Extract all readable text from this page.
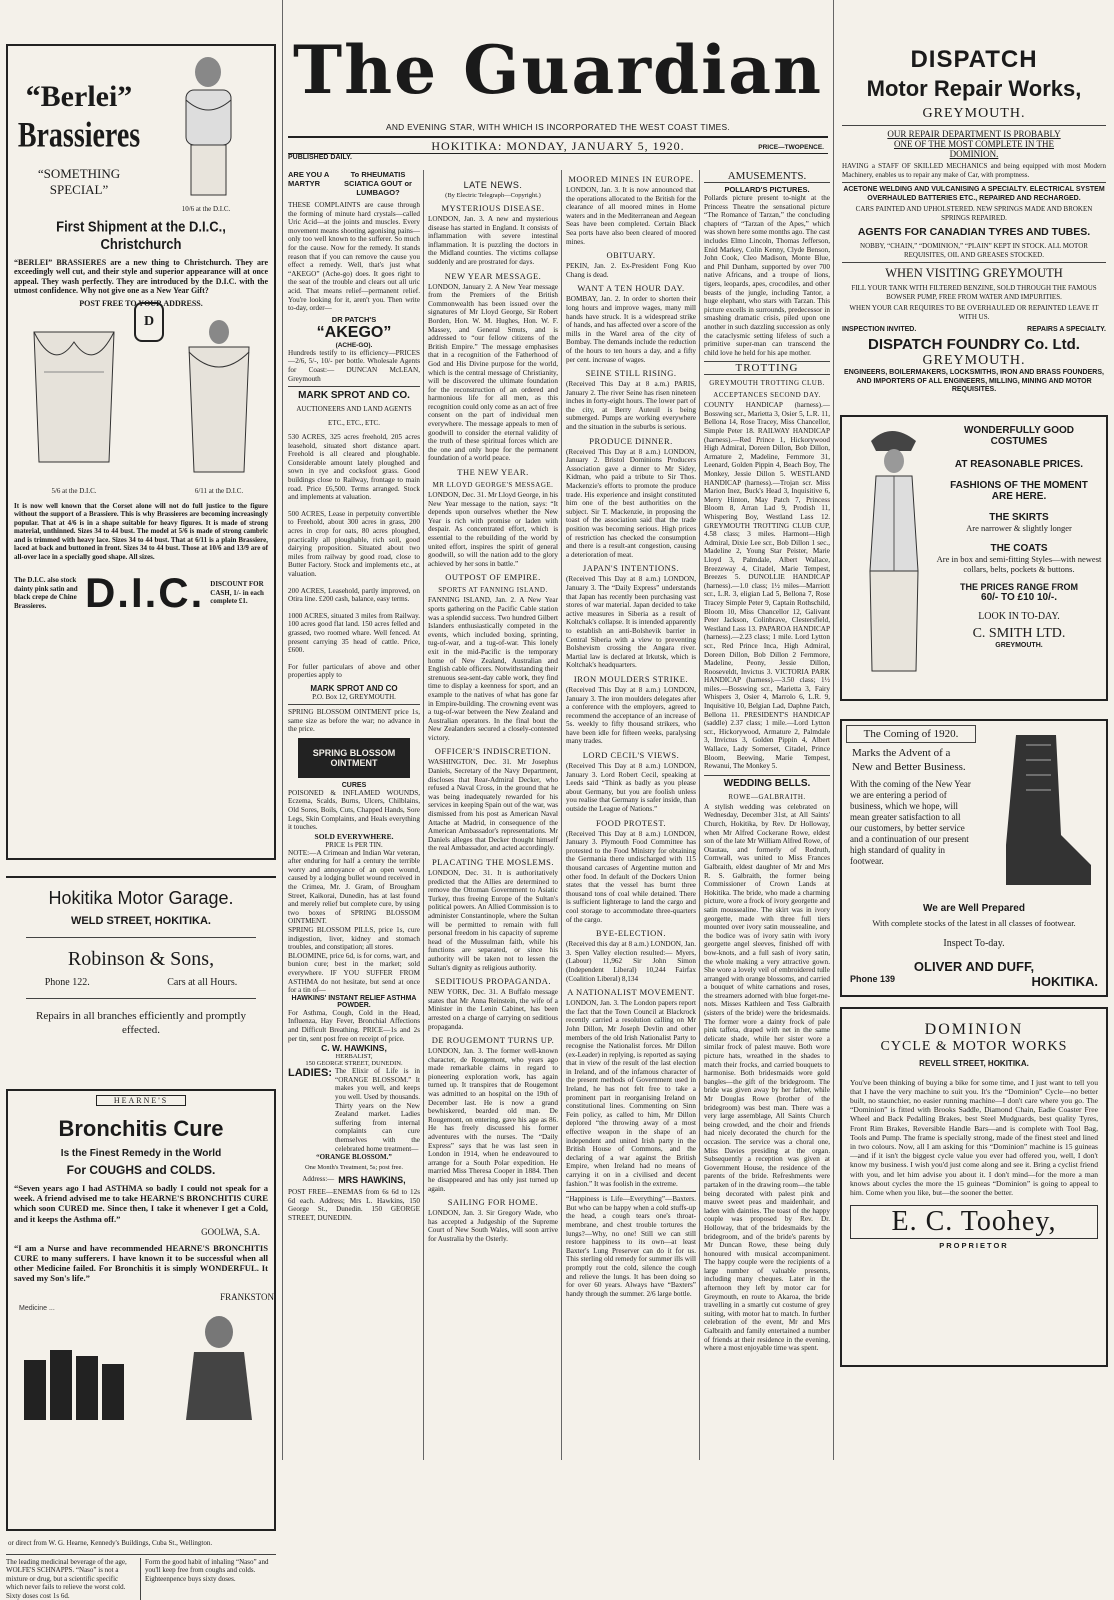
“Berlei”
Brassieres
“SOMETHING SPECIAL”
10/6 at the D.I.C.
First Shipment at the D.I.C., Christchurch
“BERLEI” BRASSIERES are a new thing to Christchurch. They are exceedingly well cut, and their style and superior appearance will at once appeal. They wash perfectly. They are introduced by the D.I.C. with the utmost confidence. Why not give one as a New Year Gift?
POST FREE TO YOUR ADDRESS.
5/6 at the D.I.C.
D
6/11 at the D.I.C.
It is now well known that the Corset alone will not do full justice to the figure without the support of a Brassiere. This is why Brassieres are becoming increasingly popular. That at 4/6 is in a shape suitable for heavy figures. It is made of strong material, unthinned. Sizes 34 to 44 bust. The model at 5/6 is made of strong cambric and is trimmed with heavy lace. Sizes 34 to 44 bust. That at 6/11 is a plain Brassiere, laced at back and buttoned in front. Sizes 34 to 44 bust. Those at 10/6 and 13/9 are of all-over lace in a specially good shape. All sizes.
The D.I.C. also stock dainty pink satin and black crepe de Chine Brassieres. D.I.C. DISCOUNT FOR CASH, 1/- in each complete £1.
Hokitika Motor Garage.
WELD STREET, HOKITIKA.
Robinson & Sons,
Phone 122.	Cars at all Hours.
Repairs in all branches efficiently and promptly effected.
HEARNE'S
Bronchitis Cure
Is the Finest Remedy in the World
For COUGHS and COLDS.
“Seven years ago I had ASTHMA so badly I could not speak for a week. A friend advised me to take HEARNE'S BRONCHITIS CURE which soon CURED me. Since then, I take it whenever I get a Cold, and it keeps the Asthma off.”
GOOLWA, S.A.
“I am a Nurse and have recommended HEARNE'S BRONCHITIS CURE to many sufferers. I have known it to be successful when all other Medicine failed. For Bronchitis it is simply WONDERFUL. It saved my Son's life.”
Medicine ...
FRANKSTON
or direct from W. G. Hearne, Kennedy's Buildings, Cuba St., Wellington.
The leading medicinal beverage of the age, WOLFE'S SCHNAPPS. “Naso” is not a mixture or drug, but a scientific specific which never fails to relieve the worst cold. Sixty doses cost 1s 6d.
Form the good habit of inhaling “Naso” and you'll keep free from coughs and colds. Eighteenpence buys sixty doses.
The Guardian
AND EVENING STAR, WITH WHICH IS INCORPORATED THE WEST COAST TIMES.
HOKITIKA: MONDAY, JANUARY 5, 1920.	PRICE—TWOPENCE.
PUBLISHED DAILY.
ARE YOU A MARTYR
To RHEUMATIS SCIATICA GOUT or LUMBAGO?
THESE COMPLAINTS are cause through the forming of minute hard crystals—called Uric Acid—at the joints and muscles. Every movement means shooting agonising pains—only too well known to the sufferer. So much for the cause. Now for the remedy. It stands reason that if you can remove the cause you effect a remedy. Well, that's just what “AKEGO” (Ache-go) does. It goes right to the seat of the trouble and clears out all uric acid. That means relief—permanent relief. You're looking for it, aren't you. Then write to-day, order—
DR PATCH'S
“AKEGO”
(ACHE-GO).
Hundreds testify to its efficiency—PRICES—2/6, 5/-, 10/- per bottle. Wholesale Agents for Coast:— DUNCAN McLEAN, Greymouth
MARK SPROT AND CO.
AUCTIONEERS AND LAND AGENTS
ETC., ETC., ETC.
530 ACRES, 325 acres freehold, 205 acres leasehold, situated short distance apart. Freehold is all cleared and ploughable. Considerable amount lately ploughed and sown in rye and cocksfoot grass. Good buildings close to Railway, frontage to main road. Price £6,500. Terms arranged. Stock and implements at valuation.
500 ACRES, Lease in perpetuity convertible to Freehold, about 300 acres in grass, 200 acres in crop for oats, 80 acres ploughed, practically all ploughable, rich soil, good dairying proposition. Situated about two miles from railway by good road, close to Butter Factory. Stock and implements etc., at valuation.
200 ACRES, Leasehold, partly improved, on Otira line. £200 cash, balance, easy terms.
1000 ACRES, situated 3 miles from Railway. 100 acres good flat land. 150 acres felled and grassed, two roomed whare. Well fenced. At present carrying 35 head of cattle. Price, £600.
For fuller particulars of above and other properties apply to
MARK SPROT AND CO
P.O. Box 12, GREYMOUTH.
SPRING BLOSSOM OINTMENT price 1s, same size as before the war; no advance in the price.
SPRING BLOSSOM OINTMENT
CURES
POISONED & INFLAMED WOUNDS, Eczema, Scalds, Burns, Ulcers, Chilblains, Old Sores, Boils, Cuts, Chapped Hands, Sore Legs, Skin Complaints, and Heals everything it touches.
SOLD EVERYWHERE.
PRICE 1s PER TIN.
NOTE:—A Crimean and Indian War veteran, after enduring for half a century the terrible worry and annoyance of an open wound, caused by a lodging bullet wound received in the Crimea, Mr. J. Gram, of Brougham Street, Kaikorai, Dunedin, has at last found and merely relief but complete cure, by using two boxes of SPRING BLOSSOM OINTMENT.
SPRING BLOSSOM PILLS, price 1s, cure indigestion, liver, kidney and stomach troubles, and constipation; all stores.
BLOOMINE, price 6d, is for corns, wart, and bunion cure; best in the market; sold everywhere. IF YOU SUFFER FROM ASTHMA do not hesitate, but send at once for a tin of—
HAWKINS' INSTANT RELIEF ASTHMA POWDER.
For Asthma, Cough, Cold in the Head, Influenza, Hay Fever, Bronchial Affections and Difficult Breathing. PRICE—1s and 2s per tin, sent post free on receipt of price.
C. W. HAWKINS,
HERBALIST,
150 GEORGE STREET, DUNEDIN.
LADIES: The Elixir of Life is in “ORANGE BLOSSOM.” It makes you well, and keeps you well. Used by thousands. Thirty years on the New Zealand market. Ladies suffering from internal complaints can cure themselves with the celebrated home treatment—
“ORANGE BLOSSOM.”
One Month's Treatment, 5s; post free.
Address:— MRS HAWKINS,
POST FREE—ENEMAS from 6s 6d to 12s 6d each. Address; Mrs L. Hawkins, 150 George St., Dunedin. 150 GEORGE STREET, DUNEDIN.
LATE NEWS.
(By Electric Telegraph—Copyright.)
MYSTERIOUS DISEASE.
LONDON, Jan. 3. A new and mysterious disease has started in England. It consists of inflammation with severe intestinal inflammation. It is puzzling the doctors in the Midland counties. The victims collapse suddenly and are prostrated for days.
NEW YEAR MESSAGE.
LONDON, January 2. A New Year message from the Premiers of the British Commonwealth has been issued over the signatures of Mr Lloyd George, Sir Robert Borden, Hon. W. M. Hughes, Hon. W. F. Massey, and General Smuts, and is addressed to “our fellow citizens of the British Empire.” The message emphasises that in a recognition of the Fatherhood of God and His Divine purpose for the world, which is the central message of Christianity, will be discovered the ultimate foundation for the reconstruction of an ordered and harmonious life for all men, as this recognition could only come as an act of free consent on the part of individual men everywhere. The message appeals to men of goodwill to consider the eternal validity of the truth of these spiritual forces which are the one and only hope for the permanent foundation of a world peace.
THE NEW YEAR.
MR LLOYD GEORGE'S MESSAGE.
LONDON, Dec. 31. Mr Lloyd George, in his New Year message to the nation, says: “It depends upon ourselves whether the New Year is rich with promise or laden with despair. As concentrated effort, which is essential to the rebuilding of the world by united effort, inspires the spirit of general goodwill, so will the nation add to the glory achieved by her sons in battle.”
OUTPOST OF EMPIRE.
SPORTS AT FANNING ISLAND.
FANNING ISLAND, Jan. 2. A New Year sports gathering on the Pacific Cable station was a splendid success. Two hundred Gilbert Islanders enthusiastically competed in the events, which included boxing, sprinting, tug-of-war, and a tug-of-war. This lonely exit in the mid-Pacific is the temporary home of New Zealand, Australian and English cable officers. Notwithstanding their strenuous sea-sent-day cable work, they find time to display a keenness for sport, and an example to the natives of what has gone far in Empire-building. The crowning event was a tug-of-war between the New Zealand and Australian operators. In the final bout the New Zealanders secured a closely-contested victory.
OFFICER'S INDISCRETION.
WASHINGTON, Dec. 31. Mr Josephus Daniels, Secretary of the Navy Department, discloses that Rear-Admiral Decker, who refused a Naval Cross, in the ground that he was being inadequately rewarded for his services in keeping Spain out of the war, was dismissed from his post as American Naval Attache at Madrid, in consequence of the American Ambassador's representations. Mr Daniels alleges that Decker thought himself the real Ambassador, and acted accordingly.
PLACATING THE MOSLEMS.
LONDON, Dec. 31. It is authoritatively predicted that the Allies are determined to remove the Ottoman Government to Asiatic Turkey, thus freeing Europe of the Sultan's political powers. An Allied Commission is to administer Constantinople, where the Sultan will be permitted to remain with full personal freedom in his capacity of supreme head of the Mussulman faith, while his functions are separated, or since his authority will be taken not to lessen the Sultan's dignity as religious authority.
SEDITIOUS PROPAGANDA.
NEW YORK, Dec. 31. A Buffalo message states that Mr Anna Reinstein, the wife of a Minister in the Lenin Cabinet, has been arrested on a charge of carrying on seditious propaganda.
DE ROUGEMONT TURNS UP.
LONDON, Jan. 3. The former well-known character, de Rougemont, who years ago made remarkable claims in regard to pioneering exploration work, has again turned up. It transpires that de Rougemont was admitted to an hospital on the 19th of December last. He is now a grand bewhiskered, bearded old man. De Rougemont, on entering, gave his age as 86. He has freely discussed his former adventures with the nurses. The “Daily Express” says that he was last seen in London in 1914, when he endeavoured to arrange for a South Polar expedition. He married Miss Theresa Cooper in 1884. Then he disappeared and has only just turned up again.
SAILING FOR HOME.
LONDON, Jan. 3. Sir Gregory Wade, who has accepted a Judgeship of the Supreme Court of New South Wales, will soon arrive for Australia by the Osterly.
MOORED MINES IN EUROPE.
LONDON, Jan. 3. It is now announced that the operations allocated to the British for the clearance of all moored mines in Home waters and in the Mediterranean and Aegean Seas have been completed. Certain Black Sea ports have also been cleared of moored mines.
OBITUARY.
PEKIN, Jan. 2. Ex-President Fong Kuo Chang is dead.
WANT A TEN HOUR DAY.
BOMBAY, Jan. 2. In order to shorten their long hours and improve wages, many mill hands have struck. It is a widespread strike of hands, and has affected over a score of the mills in the Warel area of the city of Bombay. The demands include the reduction of the hours to ten hours a day, and a fifty per cent. increase of wages.
SEINE STILL RISING.
(Received This Day at 8 a.m.) PARIS, January 2. The river Seine has risen nineteen inches in forty-eight hours. The lower part of the city, at Berry Auteuil is being submerged. Pumps are working everywhere and the situation in the suburbs is serious.
PRODUCE DINNER.
(Received This Day at 8 a.m.) LONDON, January 2. Bristol Dominions Producers Association gave a dinner to Mr Sidey, Kidman, who paid a tribute to Sir Thos. Mackenzie's efforts to promote the produce trade. His experience and insight constituted him one of the best authorities on the subject. Sir T. Mackenzie, in proposing the toast of the association said that the trade position was becoming serious. High prices of restriction has checked the consumption and there is a result-ant congestion, causing a deterioration of meat.
JAPAN'S INTENTIONS.
(Received This Day at 8 a.m.) LONDON, January 3. The “Daily Express” understands that Japan has recently been purchasing vast stores of war material. Japan decided to take active measures in Siberia as a result of Koltchak's collapse. It is intended apparently to establish an anti-Bolshevik barrier in Central Siberia with a view to preventing Bolshevism crossing the Angara river. Martial law is declared at Irkutsk, which is Koltchak's headquarters.
IRON MOULDERS STRIKE.
(Received This Day at 8 a.m.) LONDON, January 3. The iron moulders delegates after a conference with the employers, agreed to recommend the acceptance of an increase of 5s. weekly to fifty thousand strikers, who have been idle for fifteen weeks, paralysing many trades.
LORD CECIL'S VIEWS.
(Received This Day at 8 a.m.) LONDON, January 3. Lord Robert Cecil, speaking at Leeds said “Think as badly as you please about Germany, but you are foolish unless you realise that Germany is safer inside, than outside the League of Nations.”
FOOD PROTEST.
(Received This Day at 8 a.m.) LONDON, January 3. Plymouth Food Committee has protested to the Food Ministry for obtaining the Germania there undischarged with 115 thousand carcases of Argentine mutton and other food. In default of the Dockers Union states that the vessel has burnt three thousand tons of coal while detained. There is sufficient lighterage to land the cargo and cool storage to accommodate three-quarters of the cargo.
BYE-ELECTION.
(Received this day at 8 a.m.) LONDON, Jan. 3. Spen Valley election resulted:— Myers, (Labour) 11,962 Sir John Simon (Independent Liberal) 10,244 Fairfax (Coalition Liberal) 8,134
A NATIONALIST MOVEMENT.
LONDON, Jan. 3. The London papers report the fact that the Town Council at Blackrock recently carried a resolution calling on Mr John Dillon, Mr Joseph Devlin and other members of the old Irish Nationalist Party to recognise the Nationalist forces. Mr Dillon (ex-Leader) in replying, is reported as saying that in view of the result of the last election in Ireland, and of the infamous character of the present methods of Government used in Ireland, he has not felt free to take a prominent part in reorganising Ireland on constitutional lines. Commenting on Sinn Fein policy, as called to him, Mr Dillon deplored “the throwing away of a most effective weapon in the shape of an independent and united Irish party in the British House of Commons, and the declaring of a war against the British Empire, when Ireland had no means of carrying it on in a civilised and decent fashion.” It was foolish in the extreme.
“Happiness is Life—Everything”—Baxters. But who can be happy when a cold stuffs-up the head, a cough tears one's throat-membrane, and chest trouble tortures the lungs?—Why, no one! Still we can still restore happiness to its own—at least Baxter's Lung Preserver can do it for us. This sterling old remedy for summer ills will promptly rout the cold, silence the cough and relieve the lungs. It has been doing so for over 60 years. Always have “Baxters” handy through the summer. 2/6 large bottle.
AMUSEMENTS.
POLLARD'S PICTURES.
Pollards picture present to-night at the Princess Theatre the sensational picture “The Romance of Tarzan,” the concluding chapters of “Tarzan of the Apes,” which was shown here some months ago. The cast includes Elmo Lincoln, Thomas Jefferson, Enid Markey, Colin Kenny, Clyde Benson, John Cook, Cleo Madison, Monte Blue, and Phil Dunham, supported by over 700 native Africans, and a troupe of lions, tigers, leopards, apes, crocodiles, and other beasts of the jungle, including Tantor, a huge elephant, who stars with Tarzan. This picture excells in surrounds, predecessor in smashing dramatic crisis, piled upon one another in such dazzling succession as only the cataclysmic setting lifeless of such a primitive super-man can transcend the child love he held for his ape mother.
TROTTING
GREYMOUTH TROTTING CLUB.
ACCEPTANCES SECOND DAY.
COUNTY HANDICAP (harness).—Bosswing scr., Marietta 3, Osier 5, L.R. 11, Bellona 14, Rose Tracey, Miss Chancellor, Simple Peter 18. RAILWAY HANDICAP (harness).—Red Prince 1, Hickorywood High Admiral, Doreen Dillon, Bob Dillon, Armature 2, Madeline, Fernmore 31, Leenard, Golden Pippin 4, Beach Boy, The Monkey, Jessie Dillon 5. WESTLAND HANDICAP (harness).—Trojan scr. Miss Marion Inez, Buck's Head 3, Inquisitive 6, Merry Hinton, May Patch 7, Princess Bloom 8, Arran Lad 9, Prodish 11, Whispering Boy, Westland Lass 12. GREYMOUTH TROTTING CLUB CUP, 4.58 class; 3 miles. Harmont—High Admiral, Dixie Lee scr., Bob Dillon 1 sec., Madeline 2, Young Star Peister, Marie Lloyd 3, Palmdale, Albert Wallace, Breezeway 4, Citadel, Marie Tempest, Breezes 5. DUNOLLIE HANDICAP (harness).—1.0 class; 1½ miles—Marriott scr., L.R. 3, eligian Lad 5, Bellona 7, Rose Tracey Simple Peter 9, Captain Rothschild, Bloom 10, Miss Chancellor 12, Galivant Peter Jackson, Colinbrave, Clestersfield, Westland Lass 13. PAPAROA HANDICAP (harness).—2.23 class; 1 mile. Lord Lytton scr., Red Prince Inca, High Admiral, Doreen Dillon, Bob Dillon 2 Fernmore, Madeline, Peony, Jessie Dillon, Rooseveldt, Invictus 3. VICTORIA PARK HANDICAP (harness).—3.50 class; 1½ miles.—Bosswing scr., Marietta 3, Fairy Whispers 3, Osier 4, Marrolo 6, L.R. 9, Inquisitive 10, Belgian Lad, Daphne Patch, Bellona 11. PRESIDENT'S HANDICAP (saddle) 2.37 class; 1 mile.—Lord Lytton scr., Hickorywood, Armature 2, Palmdale 3, Invictus 3, Golden Pippin 4, Albert Wallace, Lady Somerset, Citadel, Prince Bloom, Beewing, Marie Tempest, Rewanui, The Monkey 5.
WEDDING BELLS.
ROWE—GALBRAITH.
A stylish wedding was celebrated on Wednesday, December 31st, at All Saints' Church, Hokitika, by Rev. Dr Holloway, when Mr Alfred Cockerane Rowe, eldest son of the late Mr William Alfred Rowe, of Otautau, and formerly of Redruth, Cornwall, was united to Miss Frances Galbraith, eldest daughter of Mr and Mrs R. S. Galbraith, the former being Commissioner of Crown Lands at Hokitika. The bride, who made a charming picture, wore a frock of ivory georgette and satin moussealine. The skirt was in ivory georgette, made with three full tiers mounted over ivory satin moussealine, and the bodice was of ivory satin with ivory georgette angel sleeves, finished off with bow-knots, and a full sash of ivory satin, the whole making a very attractive gown. She wore a lovely veil of embroidered tulle arranged with orange blossoms, and carried a bouquet of white carnations and roses, the streamers adorned with blue forget-me-nots. Misses Kathleen and Tess Galbraith (sisters of the bride) were the bridesmaids. The former wore a dainty frock of pale pink taffeta, draped with net in the same delicate shade, while her sister wore a similar frock of palest mauve. Both wore picture hats, wreathed in the shades to match their frocks, and carried bouquets to harmonise. Both bridesmaids wore gold bangles—the gift of the bridegroom. The bride was given away by her father, while Mr Douglas Rowe (brother of the bridegroom) was best man. There was a very large assemblage, All Saints Church being crowded, and the choir and friends had nicely decorated the church for the occasion. The service was a choral one, Miss Davies presiding at the organ. Subsequently a reception was given at Government House, the residence of the parents of the bride. Refreshments were partaken of in the drawing room—the table being decorated with palest pink and mauve sweet peas and maidenhair, and laden with dainties. The toast of the happy couple was proposed by Rev. Dr. Holloway, that of the bridesmaids by the bridegroom, and of the bride's parents by Mr Duncan Rowe, these being duly honoured with musical accompaniment. The happy couple were the recipients of a large number of valuable presents, including many cheques. Later in the afternoon they left by motor car for Greymouth, en route to Akaroa, the bride travelling in a smartly cut costume of grey suiting, with motor hat to match. In further celebration of the event, Mr and Mrs Galbraith and family entertained a number of friends at their residence in the evening, where a most enjoyable time was spent.
DISPATCH
Motor Repair Works,
GREYMOUTH.
OUR REPAIR DEPARTMENT IS PROBABLY
ONE OF THE MOST COMPLETE IN THE
DOMINION.
HAVING a STAFF OF SKILLED MECHANICS and being equipped with most Modern Machinery, enables us to repair any make of Car, with promptness.
ACETONE WELDING AND VULCANISING A SPECIALTY. ELECTRICAL SYSTEM OVERHAULED BATTERIES ETC., REPAIRED AND RECHARGED.
CARS PAINTED AND UPHOLSTERED. NEW SPRINGS MADE AND BROKEN SPRINGS REPAIRED.
AGENTS FOR CANADIAN TYRES AND TUBES.
NOBBY, “CHAIN,” “DOMINION,” “PLAIN” KEPT IN STOCK. ALL MOTOR REQUISITES, OIL AND GREASES STOCKED.
WHEN VISITING GREYMOUTH
FILL YOUR TANK WITH FILTERED BENZINE, SOLD THROUGH THE FAMOUS BOWSER PUMP, FREE FROM WATER AND IMPURITIES.
WHEN YOUR CAR REQUIRES TO BE OVERHAULED OR REPAINTED LEAVE IT WITH US.
INSPECTION INVITED.	REPAIRS A SPECIALTY.
DISPATCH FOUNDRY Co. Ltd.
GREYMOUTH.
ENGINEERS, BOILERMAKERS, LOCKSMITHS, IRON AND BRASS FOUNDERS, AND IMPORTERS OF ALL ENGINEERS, MILLING, MINING AND MOTOR REQUISITES.
WONDERFULLY GOOD
COSTUMES
AT REASONABLE PRICES.
FASHIONS OF THE MOMENT
ARE HERE.
THE SKIRTS
Are narrower & slightly longer
THE COATS
Are in box and semi-fitting Styles—with newest collars, belts, pockets & buttons.
THE PRICES RANGE FROM
60/- TO £10 10/-.
LOOK IN TO-DAY.
C. SMITH LTD.
GREYMOUTH.
The Coming of 1920.
Marks the Advent of a New and Better Business.
With the coming of the New Year we are entering a period of business, which we hope, will mean greater satisfaction to all our customers, by better service and a continuation of our present high standard of quality in footwear.
We are Well Prepared
With complete stocks of the latest in all classes of footwear.
Inspect To-day.
OLIVER AND DUFF,
Phone 139	HOKITIKA.
DOMINION
CYCLE & MOTOR WORKS
REVELL STREET, HOKITIKA.
You've been thinking of buying a bike for some time, and I just want to tell you that I have the very machine to suit you. It's the “Dominion” Cycle—no better built, no staunchier, no easier running machine—I don't care where you go. The “Dominion” is fitted with Brooks Saddle, Diamond Chain, Eadie Coaster Free Wheel and Back Pedalling Brakes, best Steel Mudguards, best quality Tyres, Front Rim Brakes, Reversible Handle Bars—and is complete with Tool Bag, Tools and Pump. The frame is specially strong, made of the finest steel and lined in two colours. Now, all I am asking for this “Dominion” machine is 15 guineas—and if it isn't the biggest cycle value you ever had offered you, well, I don't know my business. I wish you'd just come along and see it. Bring a cyclist friend with you, and let him advise you about it. I don't mind—for the more a man knows about cycles the more the 15 guineas “Dominion” is going to appeal to him. Come when you like, but—the sooner the better.
E. C. Toohey,
PROPRIETOR
